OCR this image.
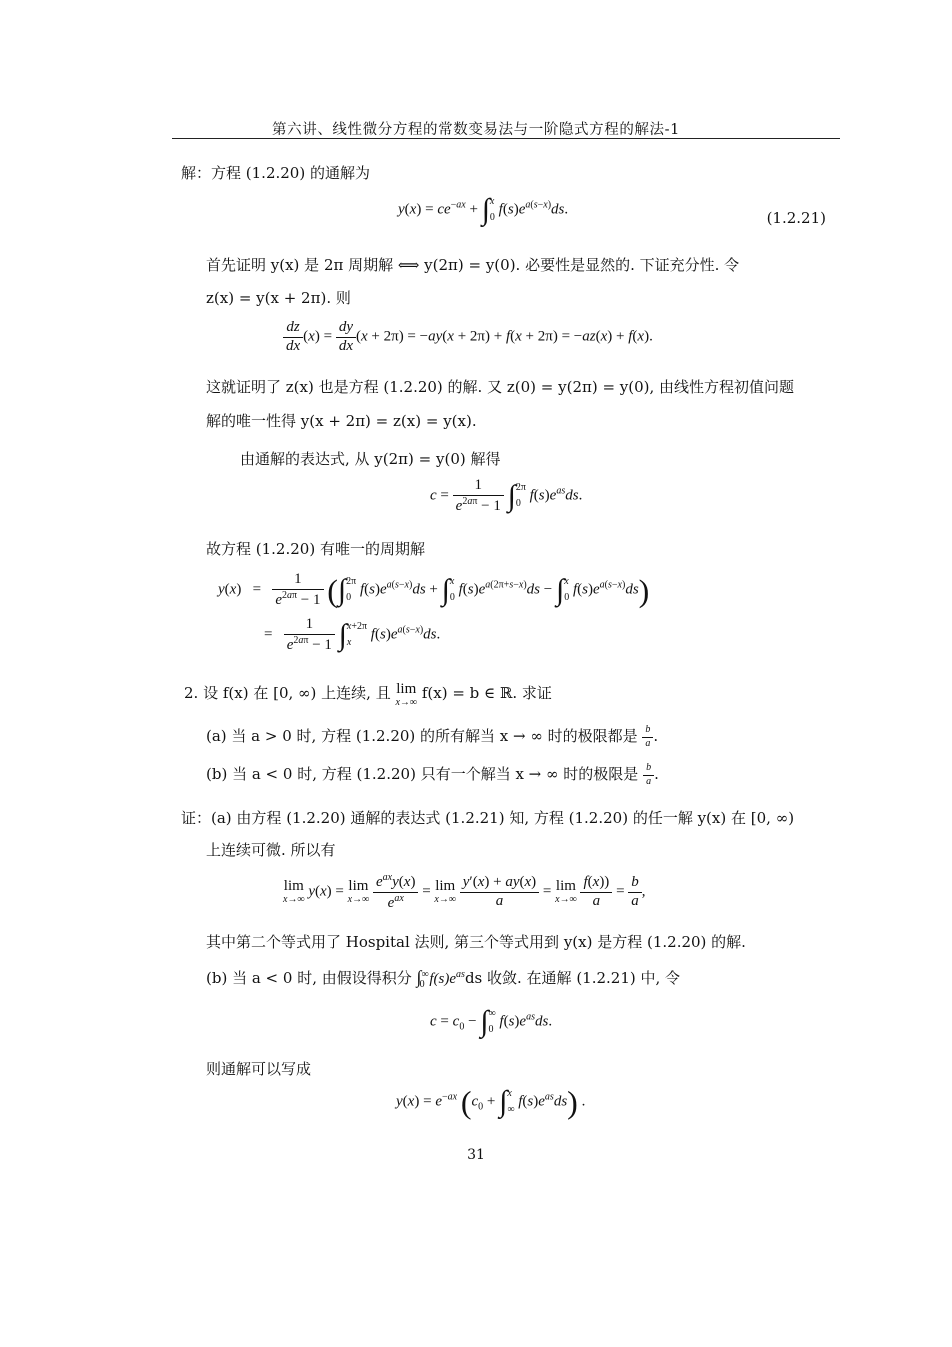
第六讲、线性微分方程的常数变易法与一阶隐式方程的解法-1
解：方程 (1.2.20) 的通解为
$y(x) = ce^{-ax} + \int x$
0 $f(s)e^{a(s-x)}ds$.	(1.2.21)
首先证明 y(x) 是 2π 周期解 ⟺ y(2π) = y(0). 必要性是显然的. 下证充分性. 令
z(x) = y(x + 2π). 则
$\frac{dz}{dx} (x) = \frac{dy}{dx} (x + 2\pi) = -ay(x + 2\pi) + f(x + 2\pi) = -az(x) + f(x)$.
这就证明了 z(x) 也是方程 (1.2.20) 的解. 又 z(0) = y(2π) = y(0), 由线性方程初值问题
解的唯一性得 y(x + 2π) = z(x) = y(x).
由通解的表达式, 从 y(2π) = y(0) 解得
$c = \frac{1}{e^{2a\pi} - 1} \int 2\pi$
0 $f(s)e^{as}ds$.
故方程 (1.2.20) 有唯一的周期解
$y(x) = \frac{1}{e^{2a\pi} - 1} (\int 2\pi$
0 $f(s)e^{a(s-x)}ds + \int x$
0 $f(s)e^{a(2\pi+s-x)}ds - \int x$
0 $f(s)e^{a(s-x)}ds$)
= $\frac{1}{e^{2a\pi} - 1} \int x+2\pi$
x $f(s)e^{a(s-x)}ds$.
2. 设 f(x) 在 [0, ∞) 上连续, 且 lim
x→∞
f(x) = b ∈ ℝ. 求证
(a) 当 a > 0 时, 方程 (1.2.20) 的所有解当 x → ∞ 时的极限都是 $\frac{b}{a}$ .
(b) 当 a < 0 时, 方程 (1.2.20) 只有一个解当 x → ∞ 时的极限是 $\frac{b}{a}$ .
证：(a) 由方程 (1.2.20) 通解的表达式 (1.2.21) 知, 方程 (1.2.20) 的任一解 y(x) 在 [0, ∞)
上连续可微. 所以有
lim
x→∞ y(x) = lim
x→∞
$\frac{e^{ax}y(x)}{e^{ax}} = \lim$
x→∞
$\frac{y'(x) + ay(x)}{a} = \lim$
x→∞
$\frac{f(x))}{a} = \frac{b}{a}$ ,
其中第二个等式用了 Hospital 法则, 第三个等式用到 y(x) 是方程 (1.2.20) 的解.
(b) 当 a < 0 时, 由假设得积分 $\int^\infty_0$ $f(s)e^{as}ds$ 收敛. 在通解 (1.2.21) 中, 令
$c = c_0$ − ∫∞
0 $f(s)e^{as}ds$.
则通解可以写成
$y(x) = e^{-ax}$ ($c_0 + \int x$
∞ $f(s)e^{as}ds$) .
31
